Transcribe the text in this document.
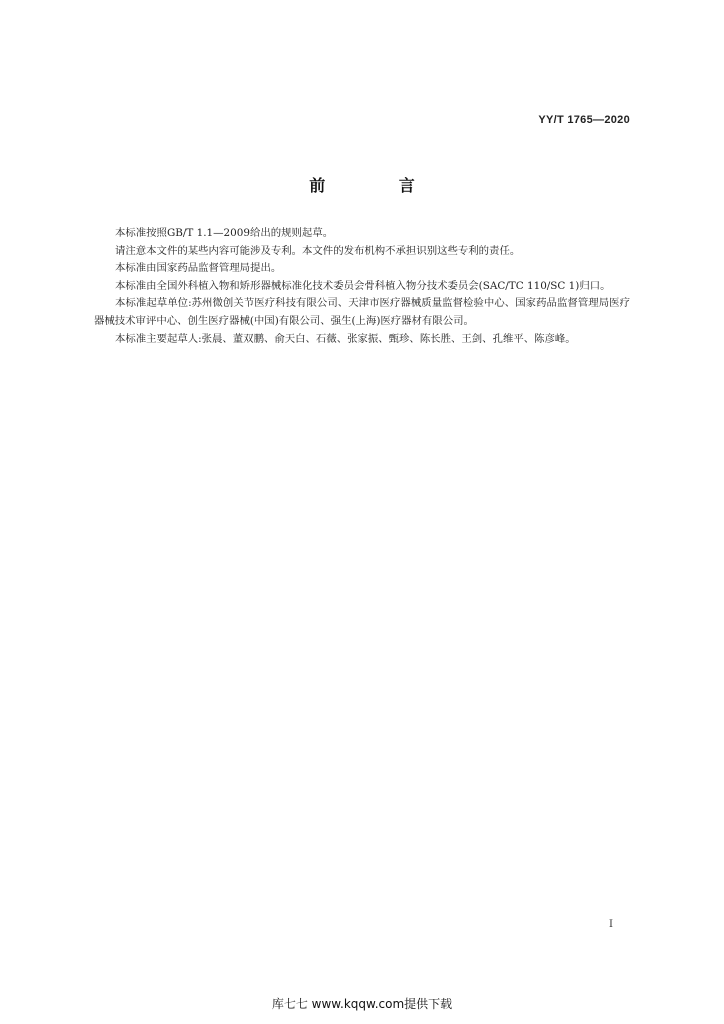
YY/T 1765—2020
前 言

本标准按照GB/T 1.1—2009给出的规则起草。

请注意本文件的某些内容可能涉及专利。本文件的发布机构不承担识别这些专利的责任。

本标准由国家药品监督管理局提出。

本标准由全国外科植入物和矫形器械标准化技术委员会骨科植入物分技术委员会(SAC/TC 110/SC 1)归口。

本标准起草单位:苏州微创关节医疗科技有限公司、天津市医疗器械质量监督检验中心、国家药品监督管理局医疗器械技术审评中心、创生医疗器械(中国)有限公司、强生(上海)医疗器材有限公司。

本标准主要起草人:张晨、董双鹏、俞天白、石薇、张家振、甄珍、陈长胜、王剑、孔维平、陈彦峰。

I
库七七 www.kqqw.com提供下载
